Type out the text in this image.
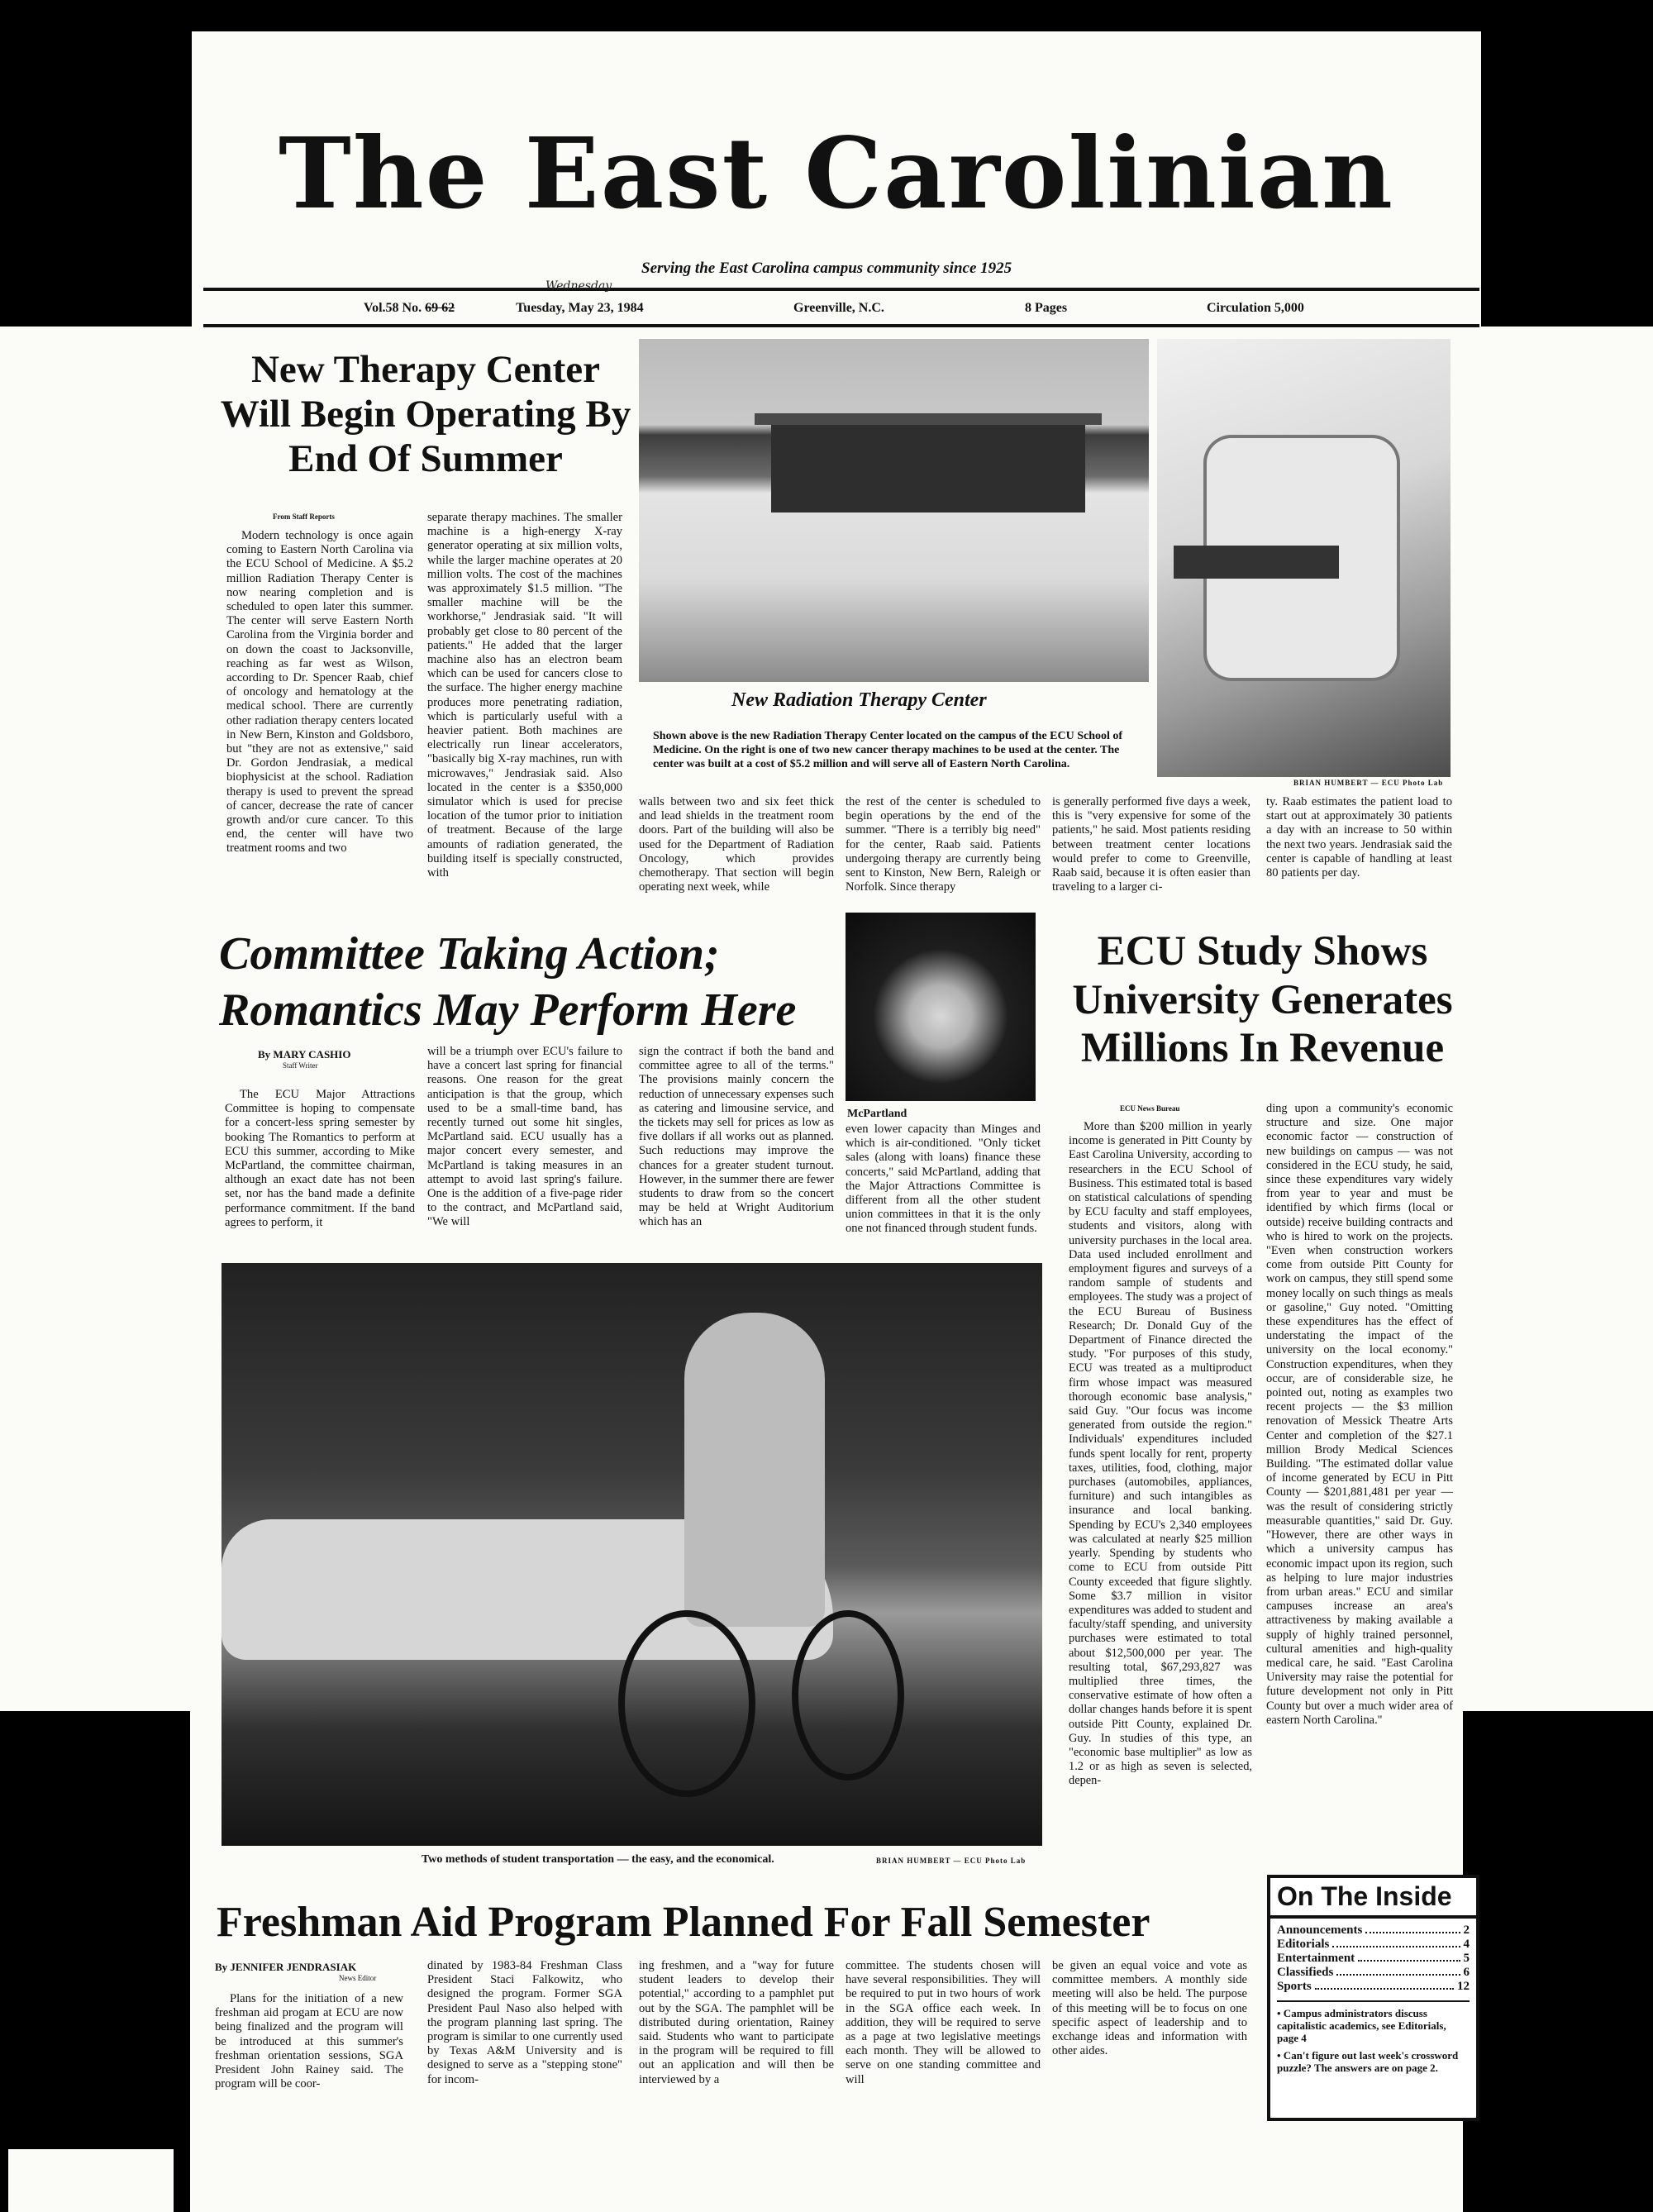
The East Carolinian
Serving the East Carolina campus community since 1925
Wednesday
Vol.58 No. 69 62	Tuesday, May 23, 1984	Greenville, N.C.	8 Pages	Circulation 5,000
New Therapy Center Will Begin Operating By End Of Summer
From Staff Reports

Modern technology is once again coming to Eastern North Carolina via the ECU School of Medicine. A $5.2 million Radiation Therapy Center is now nearing completion and is scheduled to open later this summer. The center will serve Eastern North Carolina from the Virginia border and on down the coast to Jacksonville, reaching as far west as Wilson, according to Dr. Spencer Raab, chief of oncology and hematology at the medical school. There are currently other radiation therapy centers located in New Bern, Kinston and Goldsboro, but "they are not as extensive," said Dr. Gordon Jendrasiak, a medical biophysicist at the school. Radiation therapy is used to prevent the spread of cancer, decrease the rate of cancer growth and/or cure cancer. To this end, the center will have two treatment rooms and two

separate therapy machines. The smaller machine is a high-energy X-ray generator operating at six million volts, while the larger machine operates at 20 million volts. The cost of the machines was approximately $1.5 million. "The smaller machine will be the workhorse," Jendrasiak said. "It will probably get close to 80 percent of the patients." He added that the larger machine also has an electron beam which can be used for cancers close to the surface. The higher energy machine produces more penetrating radiation, which is particularly useful with a heavier patient. Both machines are electrically run linear accelerators, "basically big X-ray machines, run with microwaves," Jendrasiak said. Also located in the center is a $350,000 simulator which is used for precise location of the tumor prior to initiation of treatment. Because of the large amounts of radiation generated, the building itself is specially constructed, with

New Radiation Therapy Center
Shown above is the new Radiation Therapy Center located on the campus of the ECU School of Medicine. On the right is one of two new cancer therapy machines to be used at the center. The center was built at a cost of $5.2 million and will serve all of Eastern North Carolina.
BRIAN HUMBERT — ECU Photo Lab

walls between two and six feet thick and lead shields in the treatment room doors. Part of the building will also be used for the Department of Radiation Oncology, which provides chemotherapy. That section will begin operating next week, while

the rest of the center is scheduled to begin operations by the end of the summer. "There is a terribly big need" for the center, Raab said. Patients undergoing therapy are currently being sent to Kinston, New Bern, Raleigh or Norfolk. Since therapy

is generally performed five days a week, this is "very expensive for some of the patients," he said. Most patients residing between treatment center locations would prefer to come to Greenville, Raab said, because it is often easier than traveling to a larger ci-

ty. Raab estimates the patient load to start out at approximately 30 patients a day with an increase to 50 within the next two years. Jendrasiak said the center is capable of handling at least 80 patients per day.

Committee Taking Action;
Romantics May Perform Here
By MARY CASHIO
Staff Writer

The ECU Major Attractions Committee is hoping to compensate for a concert-less spring semester by booking The Romantics to perform at ECU this summer, according to Mike McPartland, the committee chairman, although an exact date has not been set, nor has the band made a definite performance commitment. If the band agrees to perform, it

will be a triumph over ECU's failure to have a concert last spring for financial reasons. One reason for the great anticipation is that the group, which used to be a small-time band, has recently turned out some hit singles, McPartland said. ECU usually has a major concert every semester, and McPartland is taking measures in an attempt to avoid last spring's failure. One is the addition of a five-page rider to the contract, and McPartland said, "We will

sign the contract if both the band and committee agree to all of the terms." The provisions mainly concern the reduction of unnecessary expenses such as catering and limousine service, and the tickets may sell for prices as low as five dollars if all works out as planned. Such reductions may improve the chances for a greater student turnout. However, in the summer there are fewer students to draw from so the concert may be held at Wright Auditorium which has an

McPartland

even lower capacity than Minges and which is air-conditioned. "Only ticket sales (along with loans) finance these concerts," said McPartland, adding that the Major Attractions Committee is different from all the other student union committees in that it is the only one not financed through student funds.

Two methods of student transportation — the easy, and the economical.	BRIAN HUMBERT — ECU Photo Lab
ECU Study Shows University Generates Millions In Revenue
ECU News Bureau

More than $200 million in yearly income is generated in Pitt County by East Carolina University, according to researchers in the ECU School of Business. This estimated total is based on statistical calculations of spending by ECU faculty and staff employees, students and visitors, along with university purchases in the local area. Data used included enrollment and employment figures and surveys of a random sample of students and employees. The study was a project of the ECU Bureau of Business Research; Dr. Donald Guy of the Department of Finance directed the study. "For purposes of this study, ECU was treated as a multiproduct firm whose impact was measured thorough economic base analysis," said Guy. "Our focus was income generated from outside the region." Individuals' expenditures included funds spent locally for rent, property taxes, utilities, food, clothing, major purchases (automobiles, appliances, furniture) and such intangibles as insurance and local banking. Spending by ECU's 2,340 employees was calculated at nearly $25 million yearly. Spending by students who come to ECU from outside Pitt County exceeded that figure slightly. Some $3.7 million in visitor expenditures was added to student and faculty/staff spending, and university purchases were estimated to total about $12,500,000 per year. The resulting total, $67,293,827 was multiplied three times, the conservative estimate of how often a dollar changes hands before it is spent outside Pitt County, explained Dr. Guy. In studies of this type, an "economic base multiplier" as low as 1.2 or as high as seven is selected, depen-

ding upon a community's economic structure and size. One major economic factor — construction of new buildings on campus — was not considered in the ECU study, he said, since these expenditures vary widely from year to year and must be identified by which firms (local or outside) receive building contracts and who is hired to work on the projects. "Even when construction workers come from outside Pitt County for work on campus, they still spend some money locally on such things as meals or gasoline," Guy noted. "Omitting these expenditures has the effect of understating the impact of the university on the local economy." Construction expenditures, when they occur, are of considerable size, he pointed out, noting as examples two recent projects — the $3 million renovation of Messick Theatre Arts Center and completion of the $27.1 million Brody Medical Sciences Building. "The estimated dollar value of income generated by ECU in Pitt County — $201,881,481 per year — was the result of considering strictly measurable quantities," said Dr. Guy. "However, there are other ways in which a university campus has economic impact upon its region, such as helping to lure major industries from urban areas." ECU and similar campuses increase an area's attractiveness by making available a supply of highly trained personnel, cultural amenities and high-quality medical care, he said. "East Carolina University may raise the potential for future development not only in Pitt County but over a much wider area of eastern North Carolina."

Freshman Aid Program Planned For Fall Semester
By JENNIFER JENDRASIAK
News Editor

Plans for the initiation of a new freshman aid progam at ECU are now being finalized and the program will be introduced at this summer's freshman orientation sessions, SGA President John Rainey said. The program will be coor-

dinated by 1983-84 Freshman Class President Staci Falkowitz, who designed the program. Former SGA President Paul Naso also helped with the program planning last spring. The program is similar to one currently used by Texas A&M University and is designed to serve as a "stepping stone" for incom-

ing freshmen, and a "way for future student leaders to develop their potential," according to a pamphlet put out by the SGA. The pamphlet will be distributed during orientation, Rainey said. Students who want to participate in the program will be required to fill out an application and will then be interviewed by a

committee. The students chosen will have several responsibilities. They will be required to put in two hours of work in the SGA office each week. In addition, they will be required to serve as a page at two legislative meetings each month. They will be allowed to serve on one standing committee and will

be given an equal voice and vote as committee members. A monthly side meeting will also be held. The purpose of this meeting will be to focus on one specific aspect of leadership and to exchange ideas and information with other aides.

On The Inside
Announcements	2
Editorials	4
Entertainment	5
Classifieds	6
Sports	12
• Campus administrators discuss capitalistic academics, see Editorials, page 4
• Can't figure out last week's crossword puzzle? The answers are on page 2.
